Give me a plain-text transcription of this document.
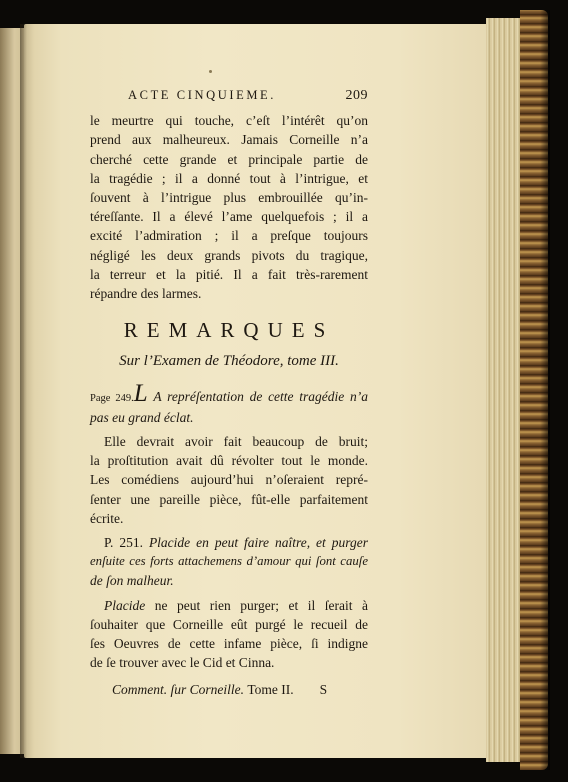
ACTE CINQUIEME.	209
le meurtre qui touche, c’eſt l’intérêt qu’on
prend aux malheureux. Jamais Corneille n’a
cherché cette grande et principale partie de
la tragédie ; il a donné tout à l’intrigue, et
ſouvent à l’intrigue plus embrouillée qu’in-
téreſſante. Il a élevé l’ame quelquefois ; il a
excité l’admiration ; il a preſque toujours
négligé les deux grands pivots du tragique,
la terreur et la pitié. Il a fait très-rarement
répandre des larmes.
REMARQUES
Sur l’Examen de Théodore, tome III.
Page 249.L A repréſentation de cette tragédie n’a
pas eu grand éclat.
Elle devrait avoir fait beaucoup de bruit;
la proſtitution avait dû révolter tout le monde.
Les comédiens aujourd’hui n’oſeraient repré-
ſenter une pareille pièce, fût-elle parfaitement
écrite.
P. 251. Placide en peut faire naître, et purger
enſuite ces forts attachemens d’amour qui ſont cauſe
de ſon malheur.
Placide ne peut rien purger; et il ſerait à
ſouhaiter que Corneille eût purgé le recueil de
ſes Oeuvres de cette infame pièce, ſi indigne
de ſe trouver avec le Cid et Cinna.
Comment. ſur Corneille.
Tome II. S
